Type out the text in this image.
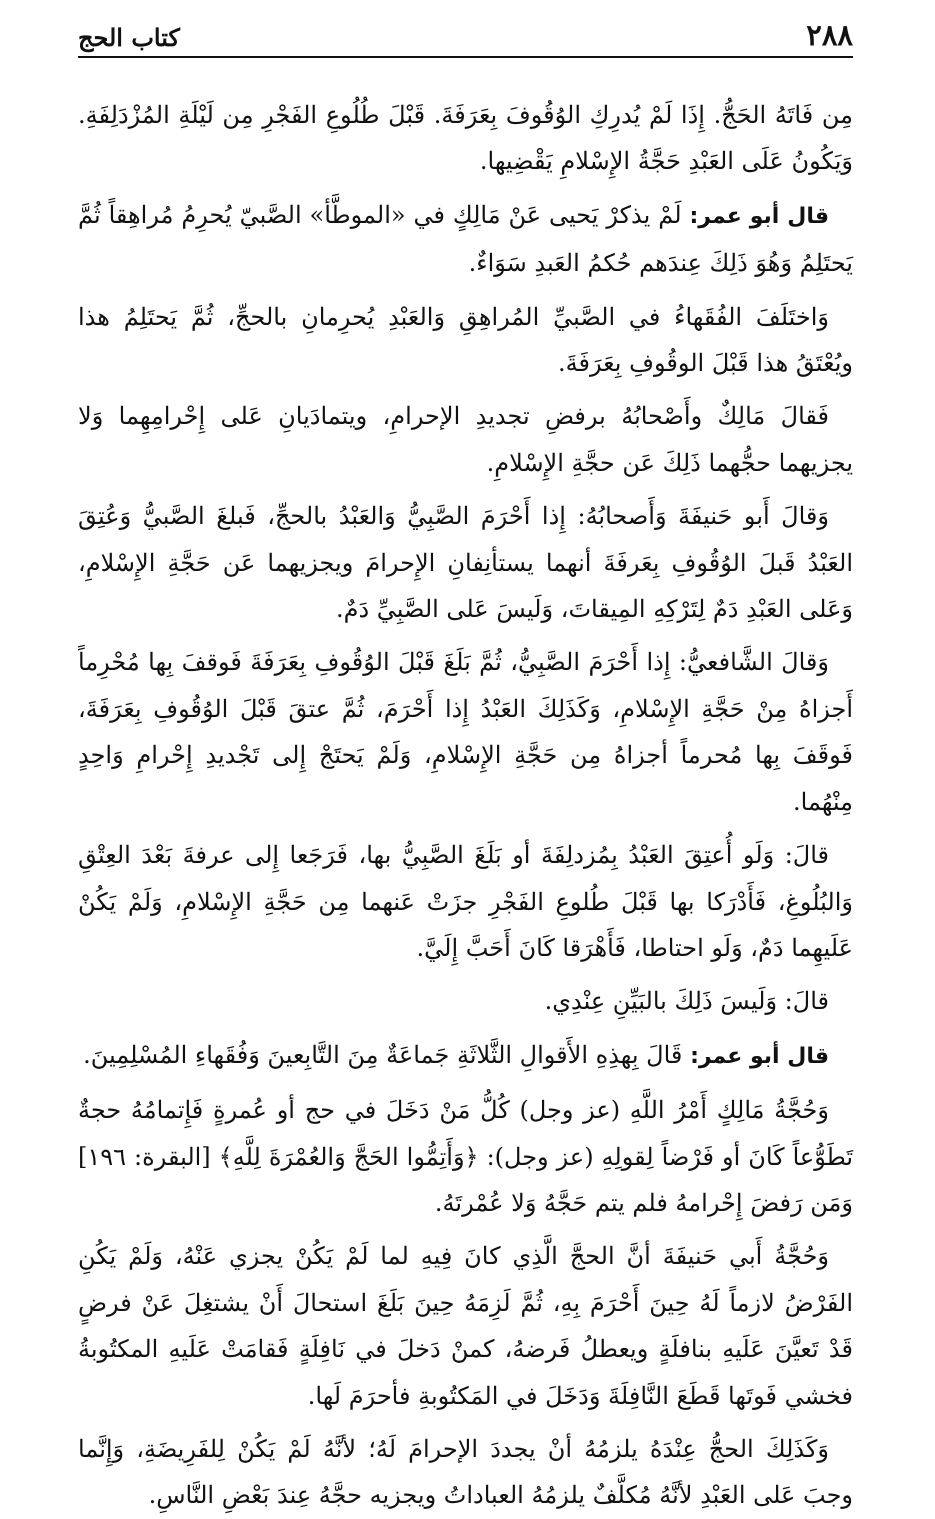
كتاب الحج	٢٨٨

مِن فَاتَهُ الحَجُّ. إِذَا لَمْ يُدرِكِ الوُقُوفَ بِعَرَفَةَ. قَبْلَ طُلُوعِ الفَجْرِ مِن لَيْلَةِ المُزْدَلِفَةِ. وَيَكُونُ عَلَى العَبْدِ حَجَّةُ الإِسْلامِ يَقْضِيها.

قال أبو عمر: لَمْ يذكرْ يَحيى عَنْ مَالِكٍ في «الموطَّأ» الصَّبيّ يُحرِمُ مُراهِقاً ثُمَّ يَحتَلِمُ وَهُوَ ذَلِكَ عِندَهم حُكمُ العَبدِ سَوَاءٌ.

وَاختَلَفَ الفُقَهاءُ في الصَّبيِّ المُراهِقِ وَالعَبْدِ يُحرِمانِ بالحجِّ، ثُمَّ يَحتَلِمُ هذا ويُعْتَقُ هذا قَبْلَ الوقُوفِ بِعَرَفَةَ.

فَقالَ مَالِكٌ وأَصْحابُهُ برفضِ تجديدِ الإحرامِ، ويتمادَيانِ عَلى إِحْرامِهِما وَلا يجزيهما حجُّهما ذَلِكَ عَن حجَّةِ الإِسْلامِ.

وَقالَ أَبو حَنيفَةَ وَأَصحابُهُ: إِذا أَحْرَمَ الصَّبِيُّ وَالعَبْدُ بالحجِّ، فَبلغَ الصَّبيُّ وَعُتِقَ العَبْدُ قَبلَ الوُقُوفِ بِعَرفَةَ أنهما يستأنِفانِ الإِحرامَ ويجزيهما عَن حَجَّةِ الإِسْلامِ، وَعَلى العَبْدِ دَمٌ لِتَرْكِهِ المِيقاتَ، وَلَيسَ عَلى الصَّبِيِّ دَمٌ.

وَقالَ الشَّافعيُّ: إِذا أَحْرَمَ الصَّبِيُّ، ثُمَّ بَلَغَ قَبْلَ الوُقُوفِ بِعَرَفَةَ فَوقفَ بِها مُحْرِماً أَجزاهُ مِنْ حَجَّةِ الإِسْلامِ، وَكَذَلِكَ العَبْدُ إِذا أَحْرَمَ، ثُمَّ عتقَ قَبْلَ الوُقُوفِ بِعَرَفَةَ، فَوقَفَ بِها مُحرماً أجزاهُ مِن حَجَّةِ الإِسْلامِ، وَلَمْ يَحتَجْ إِلى تَجْديدِ إِحْرامِ وَاحِدٍ مِنْهُما.

قالَ: وَلَو أُعتِقَ العَبْدُ بِمُزدلِفَةَ أو بَلَغَ الصَّبِيُّ بها، فَرَجَعا إِلى عرفةَ بَعْدَ العِتْقِ وَالبُلُوغِ، فَأَدْرَكا بها قَبْلَ طُلوعِ الفَجْرِ جزَتْ عَنهما مِن حَجَّةِ الإِسْلامِ، وَلَمْ يَكُنْ عَلَيهِما دَمٌ، وَلَو احتاطا، فَأَهْرَقا كَانَ أَحَبَّ إِلَيَّ.

قالَ: وَلَيسَ ذَلِكَ بالبَيِّنِ عِنْدِي.

قال أبو عمر: قَالَ بِهذِهِ الأَقوالِ الثَّلاثَةِ جَماعَةٌ مِنَ التَّابِعينَ وَفُقَهاءِ المُسْلِمِينَ.

وَحُجَّةُ مَالِكٍ أَمْرُ اللَّهِ (عز وجل) كُلُّ مَنْ دَخَلَ في حج أو عُمرةٍ فَإِتمامُهُ حجةٌ تَطَوُّعاً كَانَ أو فَرْضاً لِقولِهِ (عز وجل): ﴿وَأَتِمُّوا الحَجَّ وَالعُمْرَةَ لِلَّهِ﴾ [البقرة: ١٩٦] وَمَن رَفضَ إِحْرامهُ فلم يتم حَجَّهُ وَلا عُمْرتَهُ.

وَحُجَّةُ أَبي حَنيفَةَ أنَّ الحجَّ الَّذِي كانَ فِيهِ لما لَمْ يَكُنْ يجزي عَنْهُ، وَلَمْ يَكُنِ الفَرْضُ لازماً لَهُ حِينَ أَحْرَمَ بِهِ، ثُمَّ لَزِمَهُ حِينَ بَلَغَ استحالَ أَنْ يشتغِلَ عَنْ فرضٍ قَدْ تَعيَّنَ عَلَيهِ بنافلَةٍ ويعطلُ فَرضهُ، كمنْ دَخلَ في نَافِلَةٍ فَقامَتْ عَلَيهِ المكتُوبةُ فخشي فَوتَها قَطَعَ النَّافِلَةَ وَدَخَلَ في المَكتُوبةِ فأحرَمَ لَها.

وَكَذَلِكَ الحجُّ عِنْدَهُ يلزمُهُ أنْ يجددَ الإحرامَ لَهُ؛ لأنَّهُ لَمْ يَكُنْ لِلفَرِيضَةِ، وَإِنَّما وجبَ عَلى العَبْدِ لأنَّهُ مُكلَّفٌ يلزمُهُ العباداتُ ويجزيه حجَّهُ عِندَ بَعْضِ النَّاسِ.
